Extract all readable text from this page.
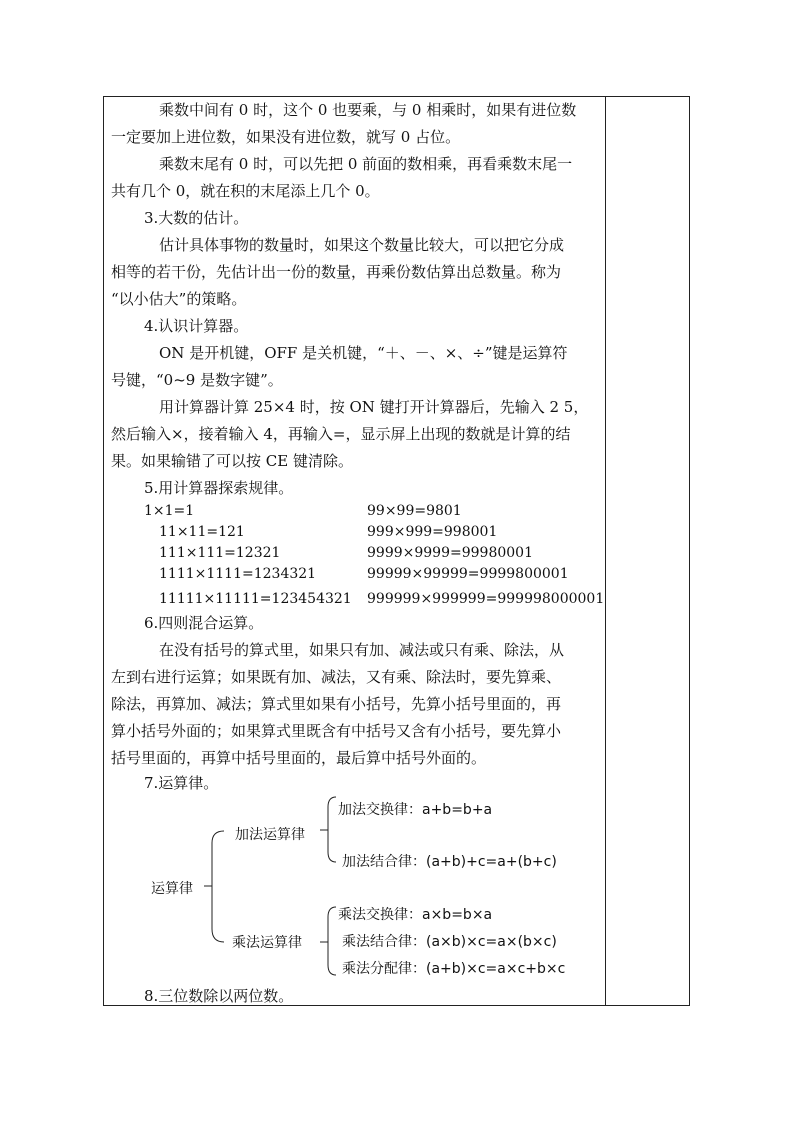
乘数中间有 0 时，这个 0 也要乘，与 0 相乘时，如果有进位数
一定要加上进位数，如果没有进位数，就写 0 占位。
乘数末尾有 0 时，可以先把 0 前面的数相乘，再看乘数末尾一
共有几个 0，就在积的末尾添上几个 0。
3.大数的估计。
估计具体事物的数量时，如果这个数量比较大，可以把它分成
相等的若干份，先估计出一份的数量，再乘份数估算出总数量。称为
“以小估大”的策略。
4.认识计算器。
ON 是开机键，OFF 是关机键，“＋、－、×、÷”键是运算符
号键，“0~9 是数字键”。
用计算器计算 25×4 时，按 ON 键打开计算器后，先输入 2 5，
然后输入×，接着输入 4，再输入=，显示屏上出现的数就是计算的结
果。如果输错了可以按 CE 键清除。
5.用计算器探索规律。
1×1=1
11×11=121
111×111=12321
1111×1111=1234321
11111×11111=123454321
99×99=9801
999×999=998001
9999×9999=99980001
99999×99999=9999800001
999999×999999=999998000001
6.四则混合运算。
在没有括号的算式里，如果只有加、减法或只有乘、除法，从
左到右进行运算；如果既有加、减法，又有乘、除法时，要先算乘、
除法，再算加、减法；算式里如果有小括号，先算小括号里面的，再
算小括号外面的；如果算式里既含有中括号又含有小括号，要先算小
括号里面的，再算中括号里面的，最后算中括号外面的。
7.运算律。
运算律
加法运算律
乘法运算律
加法交换律：a+b=b+a
加法结合律：(a+b)+c=a+(b+c)
乘法交换律：a×b=b×a
乘法结合律：(a×b)×c=a×(b×c)
乘法分配律：(a+b)×c=a×c+b×c
8.三位数除以两位数。
